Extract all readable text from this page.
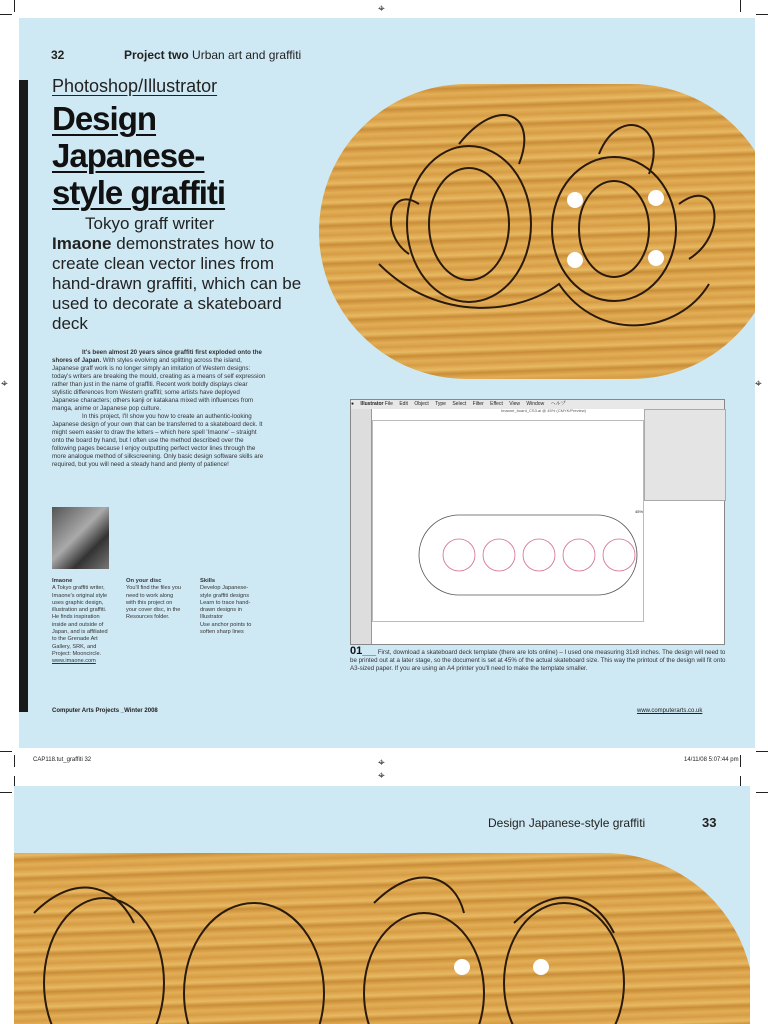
⌖
⌖	⌖
⌖
⌖
32	Project two Urban art and graffiti
Photoshop/Illustrator
Design Japanese-style graffiti
Tokyo graff writer
Imaone demonstrates how to create clean vector lines from hand-drawn graffiti, which can be used to decorate a skateboard deck
It's been almost 20 years since graffiti first exploded onto the shores of Japan. With styles evolving and splitting across the island, Japanese graff work is no longer simply an imitation of Western designs: today's writers are breaking the mould, creating as a means of self expression rather than just in the name of graffiti. Recent work boldly displays clear stylistic differences from Western graffiti; some artists have deployed Japanese characters; others kanji or katakana mixed with influences from manga, anime or Japanese pop culture.
In this project, I'll show you how to create an authentic-looking Japanese design of your own that can be transferred to a skateboard deck. It might seem easier to draw the letters – which here spell 'Imaone' – straight onto the board by hand, but I often use the method described over the following pages because I enjoy outputting perfect vector lines through the more analogue method of silkscreening. Only basic design software skills are required, but you will need a steady hand and plenty of patience!
Imaone
A Tokyo graffiti writer, Imaone's original style uses graphic design, illustration and graffiti. He finds inspiration inside and outside of Japan, and is affiliated to the Grenade Art Gallery, SRK, and Project: Mooncircle.
www.imaone.com
On your disc
You'll find the files you need to work along with this project on your cover disc, in the Resources folder.
Skills
Develop Japanese-style graffiti designs
Learn to trace hand-drawn designs in Illustrator
Use anchor points to soften sharp lines
● Illustrator File Edit Object Type Select Filter Effect View Window ヘルプ
Imaone_board_CS3.ai @ 45% (CMYK/Preview)
45%
01____ First, download a skateboard deck template (there are lots online) – I used one measuring 31x8 inches. The design will need to be printed out at a later stage, so the document is set at 45% of the actual skateboard size. This way the printout of the design will fit onto A3-sized paper. If you are using an A4 printer you'll need to make the template smaller.
Computer Arts Projects _Winter 2008	www.computerarts.co.uk
CAP118.tut_graffiti 32	14/11/08 5:07:44 pm
Design Japanese-style graffiti	33
